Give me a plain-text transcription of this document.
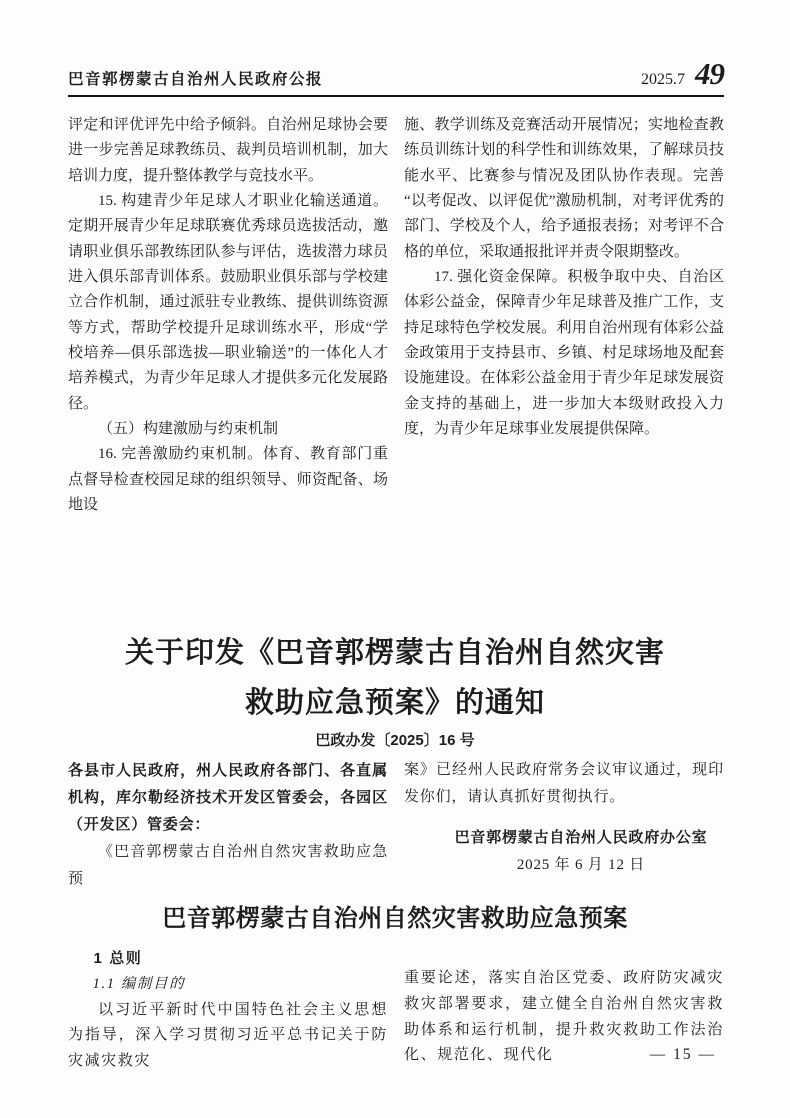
巴音郭楞蒙古自治州人民政府公报	2025.7 49

评定和评优评先中给予倾斜。自治州足球协会要进一步完善足球教练员、裁判员培训机制，加大培训力度，提升整体教学与竞技水平。

15. 构建青少年足球人才职业化输送通道。定期开展青少年足球联赛优秀球员选拔活动，邀请职业俱乐部教练团队参与评估，选拔潜力球员进入俱乐部青训体系。鼓励职业俱乐部与学校建立合作机制，通过派驻专业教练、提供训练资源等方式，帮助学校提升足球训练水平，形成“学校培养—俱乐部选拔—职业输送”的一体化人才培养模式，为青少年足球人才提供多元化发展路径。

（五）构建激励与约束机制

16. 完善激励约束机制。体育、教育部门重点督导检查校园足球的组织领导、师资配备、场地设

施、教学训练及竞赛活动开展情况；实地检查教练员训练计划的科学性和训练效果，了解球员技能水平、比赛参与情况及团队协作表现。完善“以考促改、以评促优”激励机制，对考评优秀的部门、学校及个人，给予通报表扬；对考评不合格的单位，采取通报批评并责令限期整改。

17. 强化资金保障。积极争取中央、自治区体彩公益金，保障青少年足球普及推广工作，支持足球特色学校发展。利用自治州现有体彩公益金政策用于支持县市、乡镇、村足球场地及配套设施建设。在体彩公益金用于青少年足球发展资金支持的基础上，进一步加大本级财政投入力度，为青少年足球事业发展提供保障。

关于印发《巴音郭楞蒙古自治州自然灾害
救助应急预案》的通知
巴政办发〔2025〕16 号

各县市人民政府，州人民政府各部门、各直属机构，库尔勒经济技术开发区管委会，各园区（开发区）管委会：

《巴音郭楞蒙古自治州自然灾害救助应急预

案》已经州人民政府常务会议审议通过，现印发你们，请认真抓好贯彻执行。

巴音郭楞蒙古自治州人民政府办公室

2025 年 6 月 12 日

巴音郭楞蒙古自治州自然灾害救助应急预案

1 总则

1.1 编制目的

以习近平新时代中国特色社会主义思想为指导，深入学习贯彻习近平总书记关于防灾减灾救灾

重要论述，落实自治区党委、政府防灾减灾救灾部署要求，建立健全自治州自然灾害救助体系和运行机制，提升救灾救助工作法治化、规范化、现代化	— 15 —
